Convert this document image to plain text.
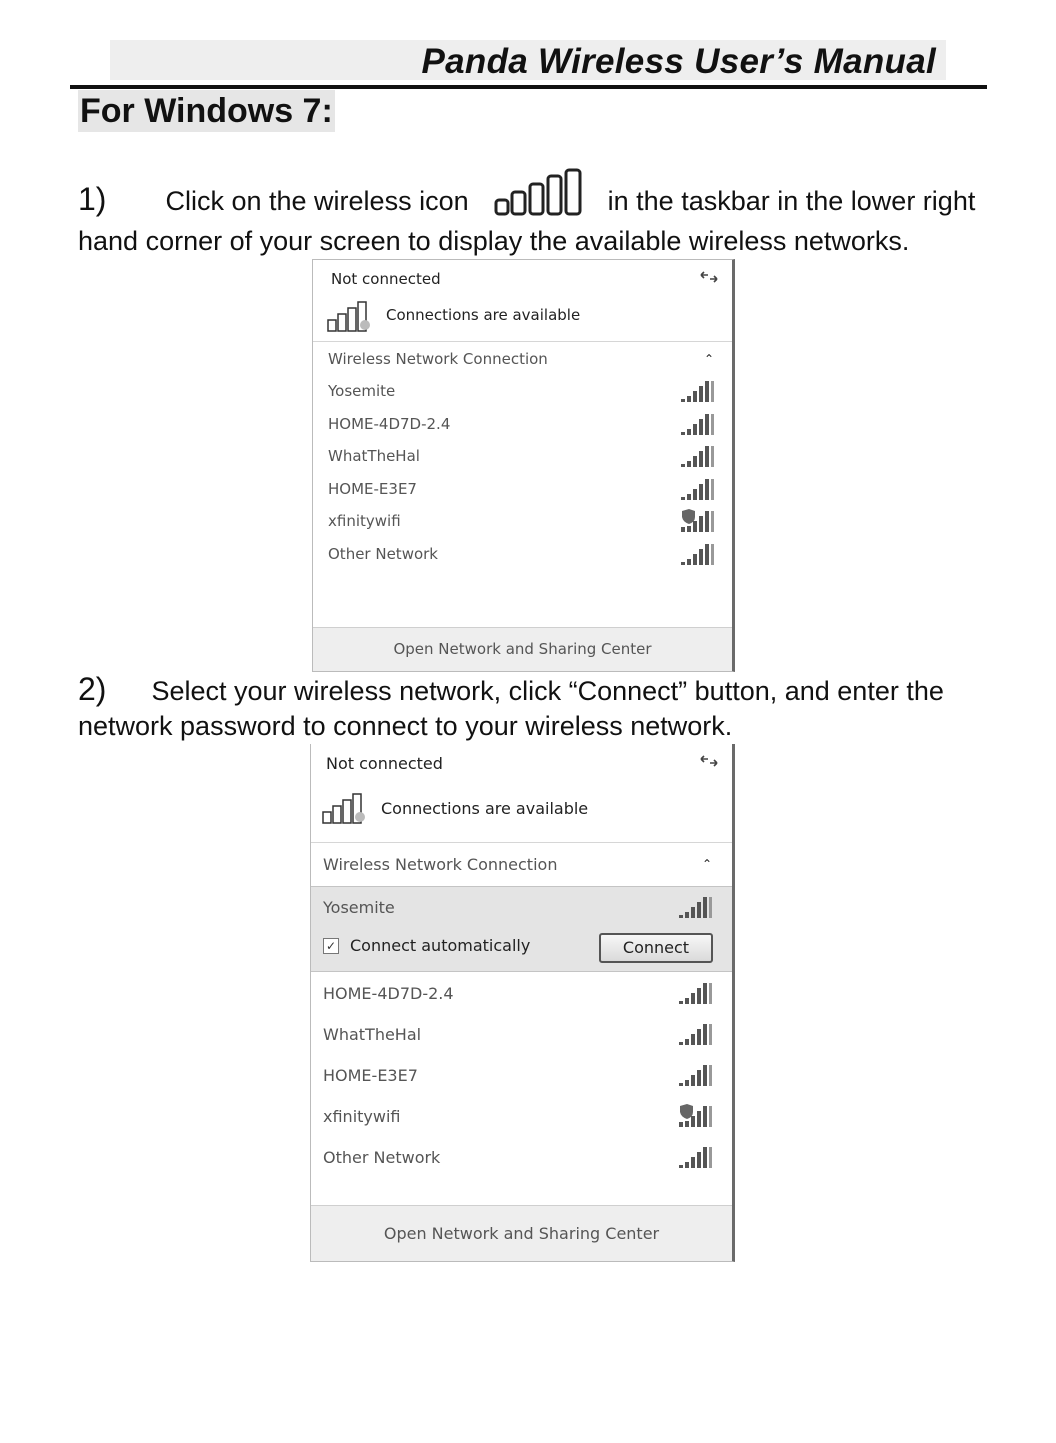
Panda Wireless User’s Manual
For Windows 7:
1) Click on the wireless icon	in the taskbar in the lower right hand corner of your screen to display the available wireless networks.
Not connected
Connections are available
Wireless Network Connection	⌃
Yosemite
HOME-4D7D-2.4
WhatTheHal
HOME-E3E7
xfinitywifi
Other Network
Open Network and Sharing Center
2) Select your wireless network, click “Connect” button, and enter the network password to connect to your wireless network.
Not connected
Connections are available
Wireless Network Connection	⌃
Yosemite
✓ Connect automatically	Connect
HOME-4D7D-2.4
WhatTheHal
HOME-E3E7
xfinitywifi
Other Network
Open Network and Sharing Center
